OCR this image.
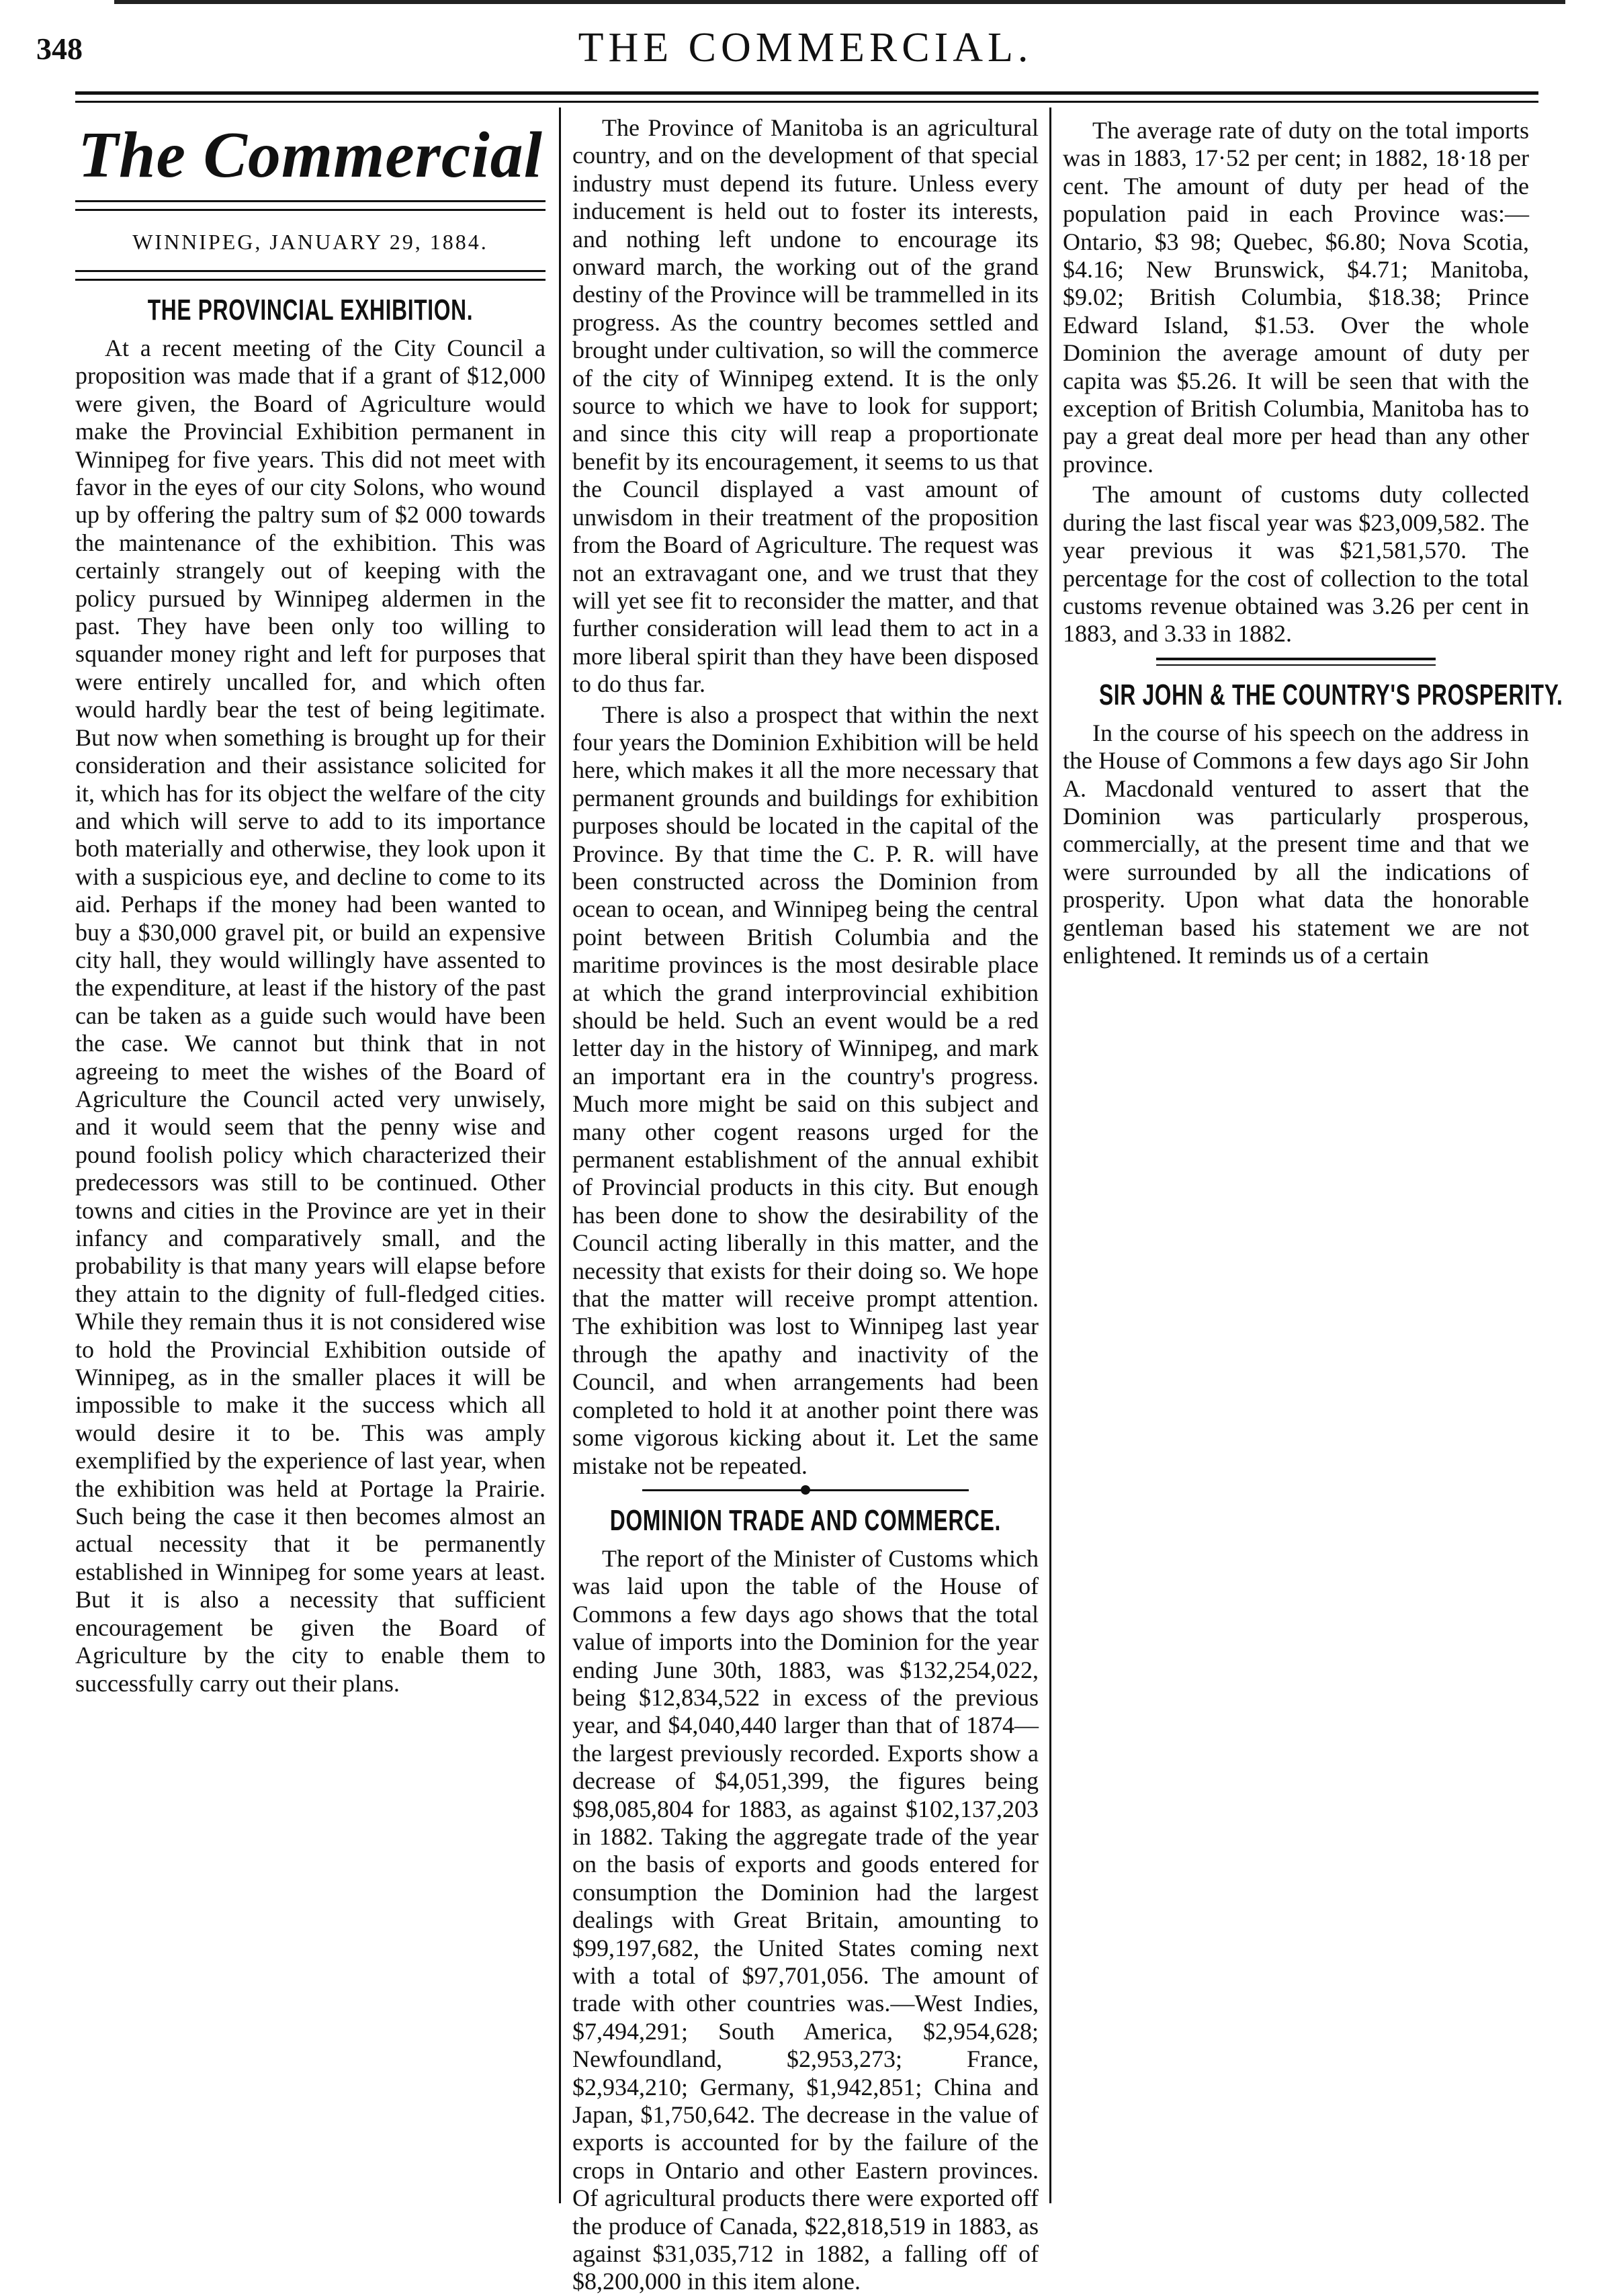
348	THE COMMERCIAL.
The Commercial
WINNIPEG, JANUARY 29, 1884.
THE PROVINCIAL EXHIBITION.

At a recent meeting of the City Council a proposition was made that if a grant of $12,000 were given, the Board of Agriculture would make the Provincial Exhibition permanent in Winnipeg for five years. This did not meet with favor in the eyes of our city Solons, who wound up by offering the paltry sum of $2 000 towards the maintenance of the exhibition. This was certainly strangely out of keeping with the policy pursued by Winnipeg aldermen in the past. They have been only too willing to squander money right and left for purposes that were entirely uncalled for, and which often would hardly bear the test of being legitimate. But now when something is brought up for their consideration and their assistance solicited for it, which has for its object the welfare of the city and which will serve to add to its importance both materially and otherwise, they look upon it with a suspicious eye, and decline to come to its aid. Perhaps if the money had been wanted to buy a $30,000 gravel pit, or build an expensive city hall, they would willingly have assented to the expenditure, at least if the history of the past can be taken as a guide such would have been the case. We cannot but think that in not agreeing to meet the wishes of the Board of Agriculture the Council acted very unwisely, and it would seem that the penny wise and pound foolish policy which characterized their predecessors was still to be continued. Other towns and cities in the Province are yet in their infancy and comparatively small, and the probability is that many years will elapse before they attain to the dignity of full-fledged cities. While they remain thus it is not considered wise to hold the Provincial Exhibition outside of Winnipeg, as in the smaller places it will be impossible to make it the success which all would desire it to be. This was amply exemplified by the experience of last year, when the exhibition was held at Portage la Prairie. Such being the case it then becomes almost an actual necessity that it be permanently established in Winnipeg for some years at least. But it is also a necessity that sufficient encouragement be given the Board of Agriculture by the city to enable them to successfully carry out their plans.

The Province of Manitoba is an agricultural country, and on the development of that special industry must depend its future. Unless every inducement is held out to foster its interests, and nothing left undone to encourage its onward march, the working out of the grand destiny of the Province will be trammelled in its progress. As the country becomes settled and brought under cultivation, so will the commerce of the city of Winnipeg extend. It is the only source to which we have to look for support; and since this city will reap a proportionate benefit by its encouragement, it seems to us that the Council displayed a vast amount of unwisdom in their treatment of the proposition from the Board of Agriculture. The request was not an extravagant one, and we trust that they will yet see fit to reconsider the matter, and that further consideration will lead them to act in a more liberal spirit than they have been disposed to do thus far.

There is also a prospect that within the next four years the Dominion Exhibition will be held here, which makes it all the more necessary that permanent grounds and buildings for exhibition purposes should be located in the capital of the Province. By that time the C. P. R. will have been constructed across the Dominion from ocean to ocean, and Winnipeg being the central point between British Columbia and the maritime provinces is the most desirable place at which the grand interprovincial exhibition should be held. Such an event would be a red letter day in the history of Winnipeg, and mark an important era in the country's progress. Much more might be said on this subject and many other cogent reasons urged for the permanent establishment of the annual exhibit of Provincial products in this city. But enough has been done to show the desirability of the Council acting liberally in this matter, and the necessity that exists for their doing so. We hope that the matter will receive prompt attention. The exhibition was lost to Winnipeg last year through the apathy and inactivity of the Council, and when arrangements had been completed to hold it at another point there was some vigorous kicking about it. Let the same mistake not be repeated.

DOMINION TRADE AND COMMERCE.

The report of the Minister of Customs which was laid upon the table of the House of Commons a few days ago shows that the total value of imports into the Dominion for the year ending June 30th, 1883, was $132,254,022, being $12,834,522 in excess of the previous year, and $4,040,440 larger than that of 1874—the largest previously recorded. Exports show a decrease of $4,051,399, the figures being $98,085,804 for 1883, as against $102,137,203 in 1882. Taking the aggregate trade of the year on the basis of exports and goods entered for consumption the Dominion had the largest dealings with Great Britain, amounting to $99,197,682, the United States coming next with a total of $97,701,056. The amount of trade with other countries was.—West Indies, $7,494,291; South America, $2,954,628; Newfoundland, $2,953,273; France, $2,934,210; Germany, $1,942,851; China and Japan, $1,750,642. The decrease in the value of exports is accounted for by the failure of the crops in Ontario and other Eastern provinces. Of agricultural products there were exported off the produce of Canada, $22,818,519 in 1883, as against $31,035,712 in 1882, a falling off of $8,200,000 in this item alone.

The average rate of duty on the total imports was in 1883, 17·52 per cent; in 1882, 18·18 per cent. The amount of duty per head of the population paid in each Province was:—Ontario, $3 98; Quebec, $6.80; Nova Scotia, $4.16; New Brunswick, $4.71; Manitoba, $9.02; British Columbia, $18.38; Prince Edward Island, $1.53. Over the whole Dominion the average amount of duty per capita was $5.26. It will be seen that with the exception of British Columbia, Manitoba has to pay a great deal more per head than any other province.

The amount of customs duty collected during the last fiscal year was $23,009,582. The year previous it was $21,581,570. The percentage for the cost of collection to the total customs revenue obtained was 3.26 per cent in 1883, and 3.33 in 1882.

SIR JOHN & THE COUNTRY'S PROSPERITY.

In the course of his speech on the address in the House of Commons a few days ago Sir John A. Macdonald ventured to assert that the Dominion was particularly prosperous, commercially, at the present time and that we were surrounded by all the indications of prosperity. Upon what data the honorable gentleman based his statement we are not enlightened. It reminds us of a certain
